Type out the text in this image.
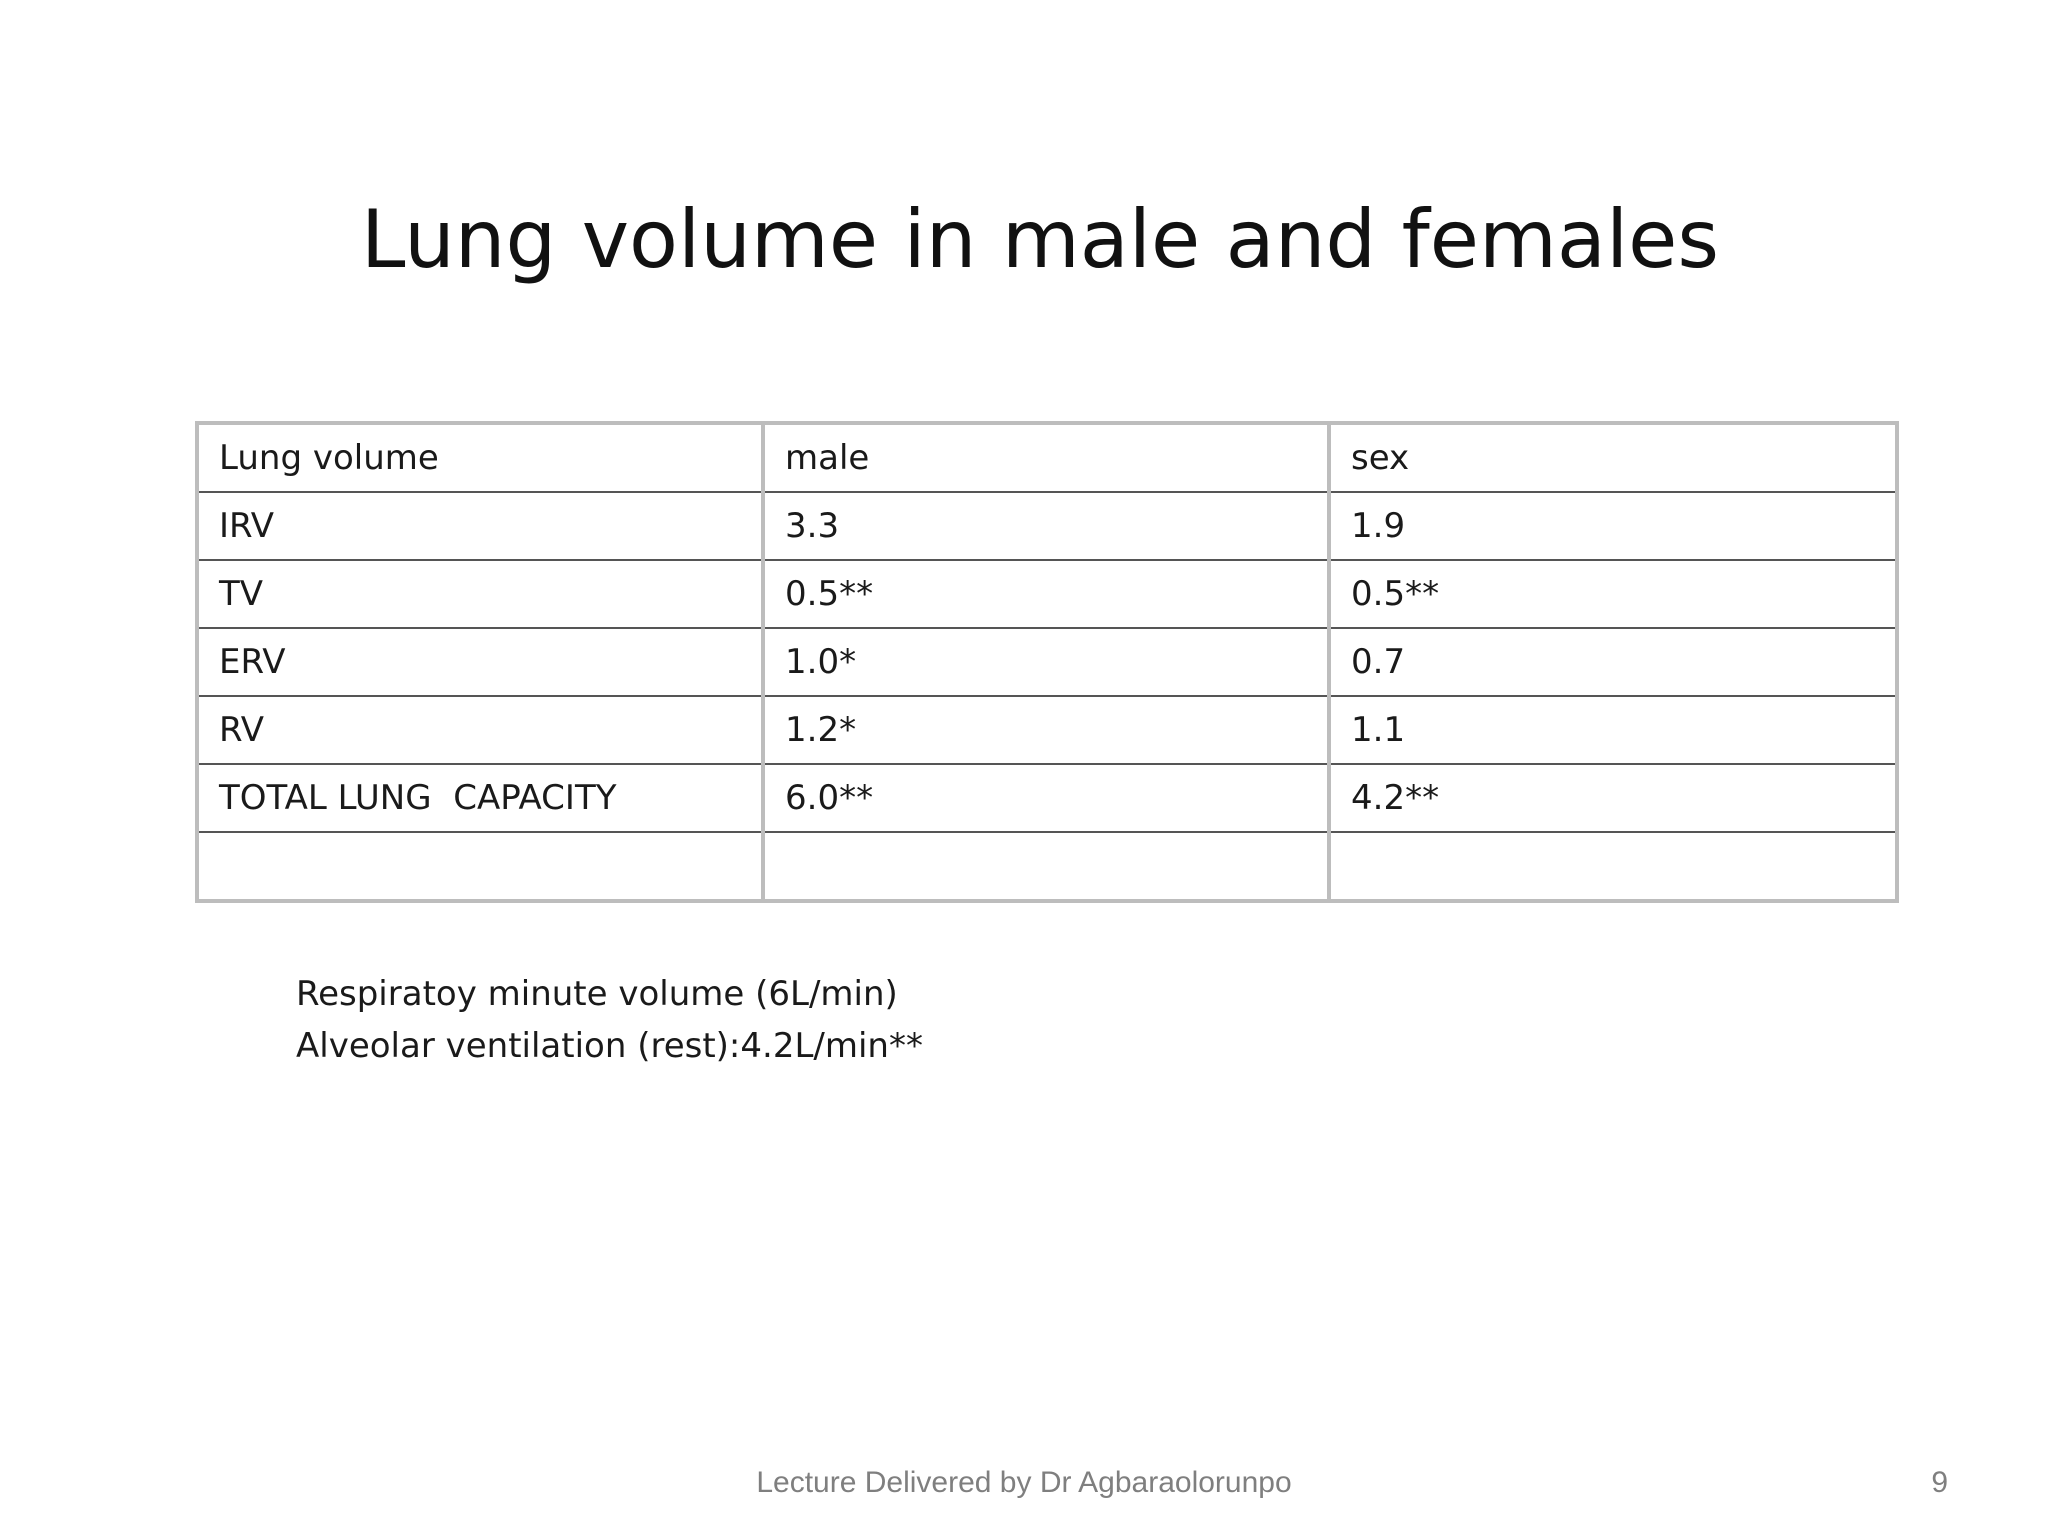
Lung volume in male and females
Lung volume	male	sex
IRV	3.3	1.9
TV	0.5**	0.5**
ERV	1.0*	0.7
RV	1.2*	1.1
TOTAL LUNG  CAPACITY	6.0**	4.2**

Respiratoy minute volume (6L/min)
Alveolar ventilation (rest):4.2L/min**
Lecture Delivered by Dr Agbaraolorunpo	9
